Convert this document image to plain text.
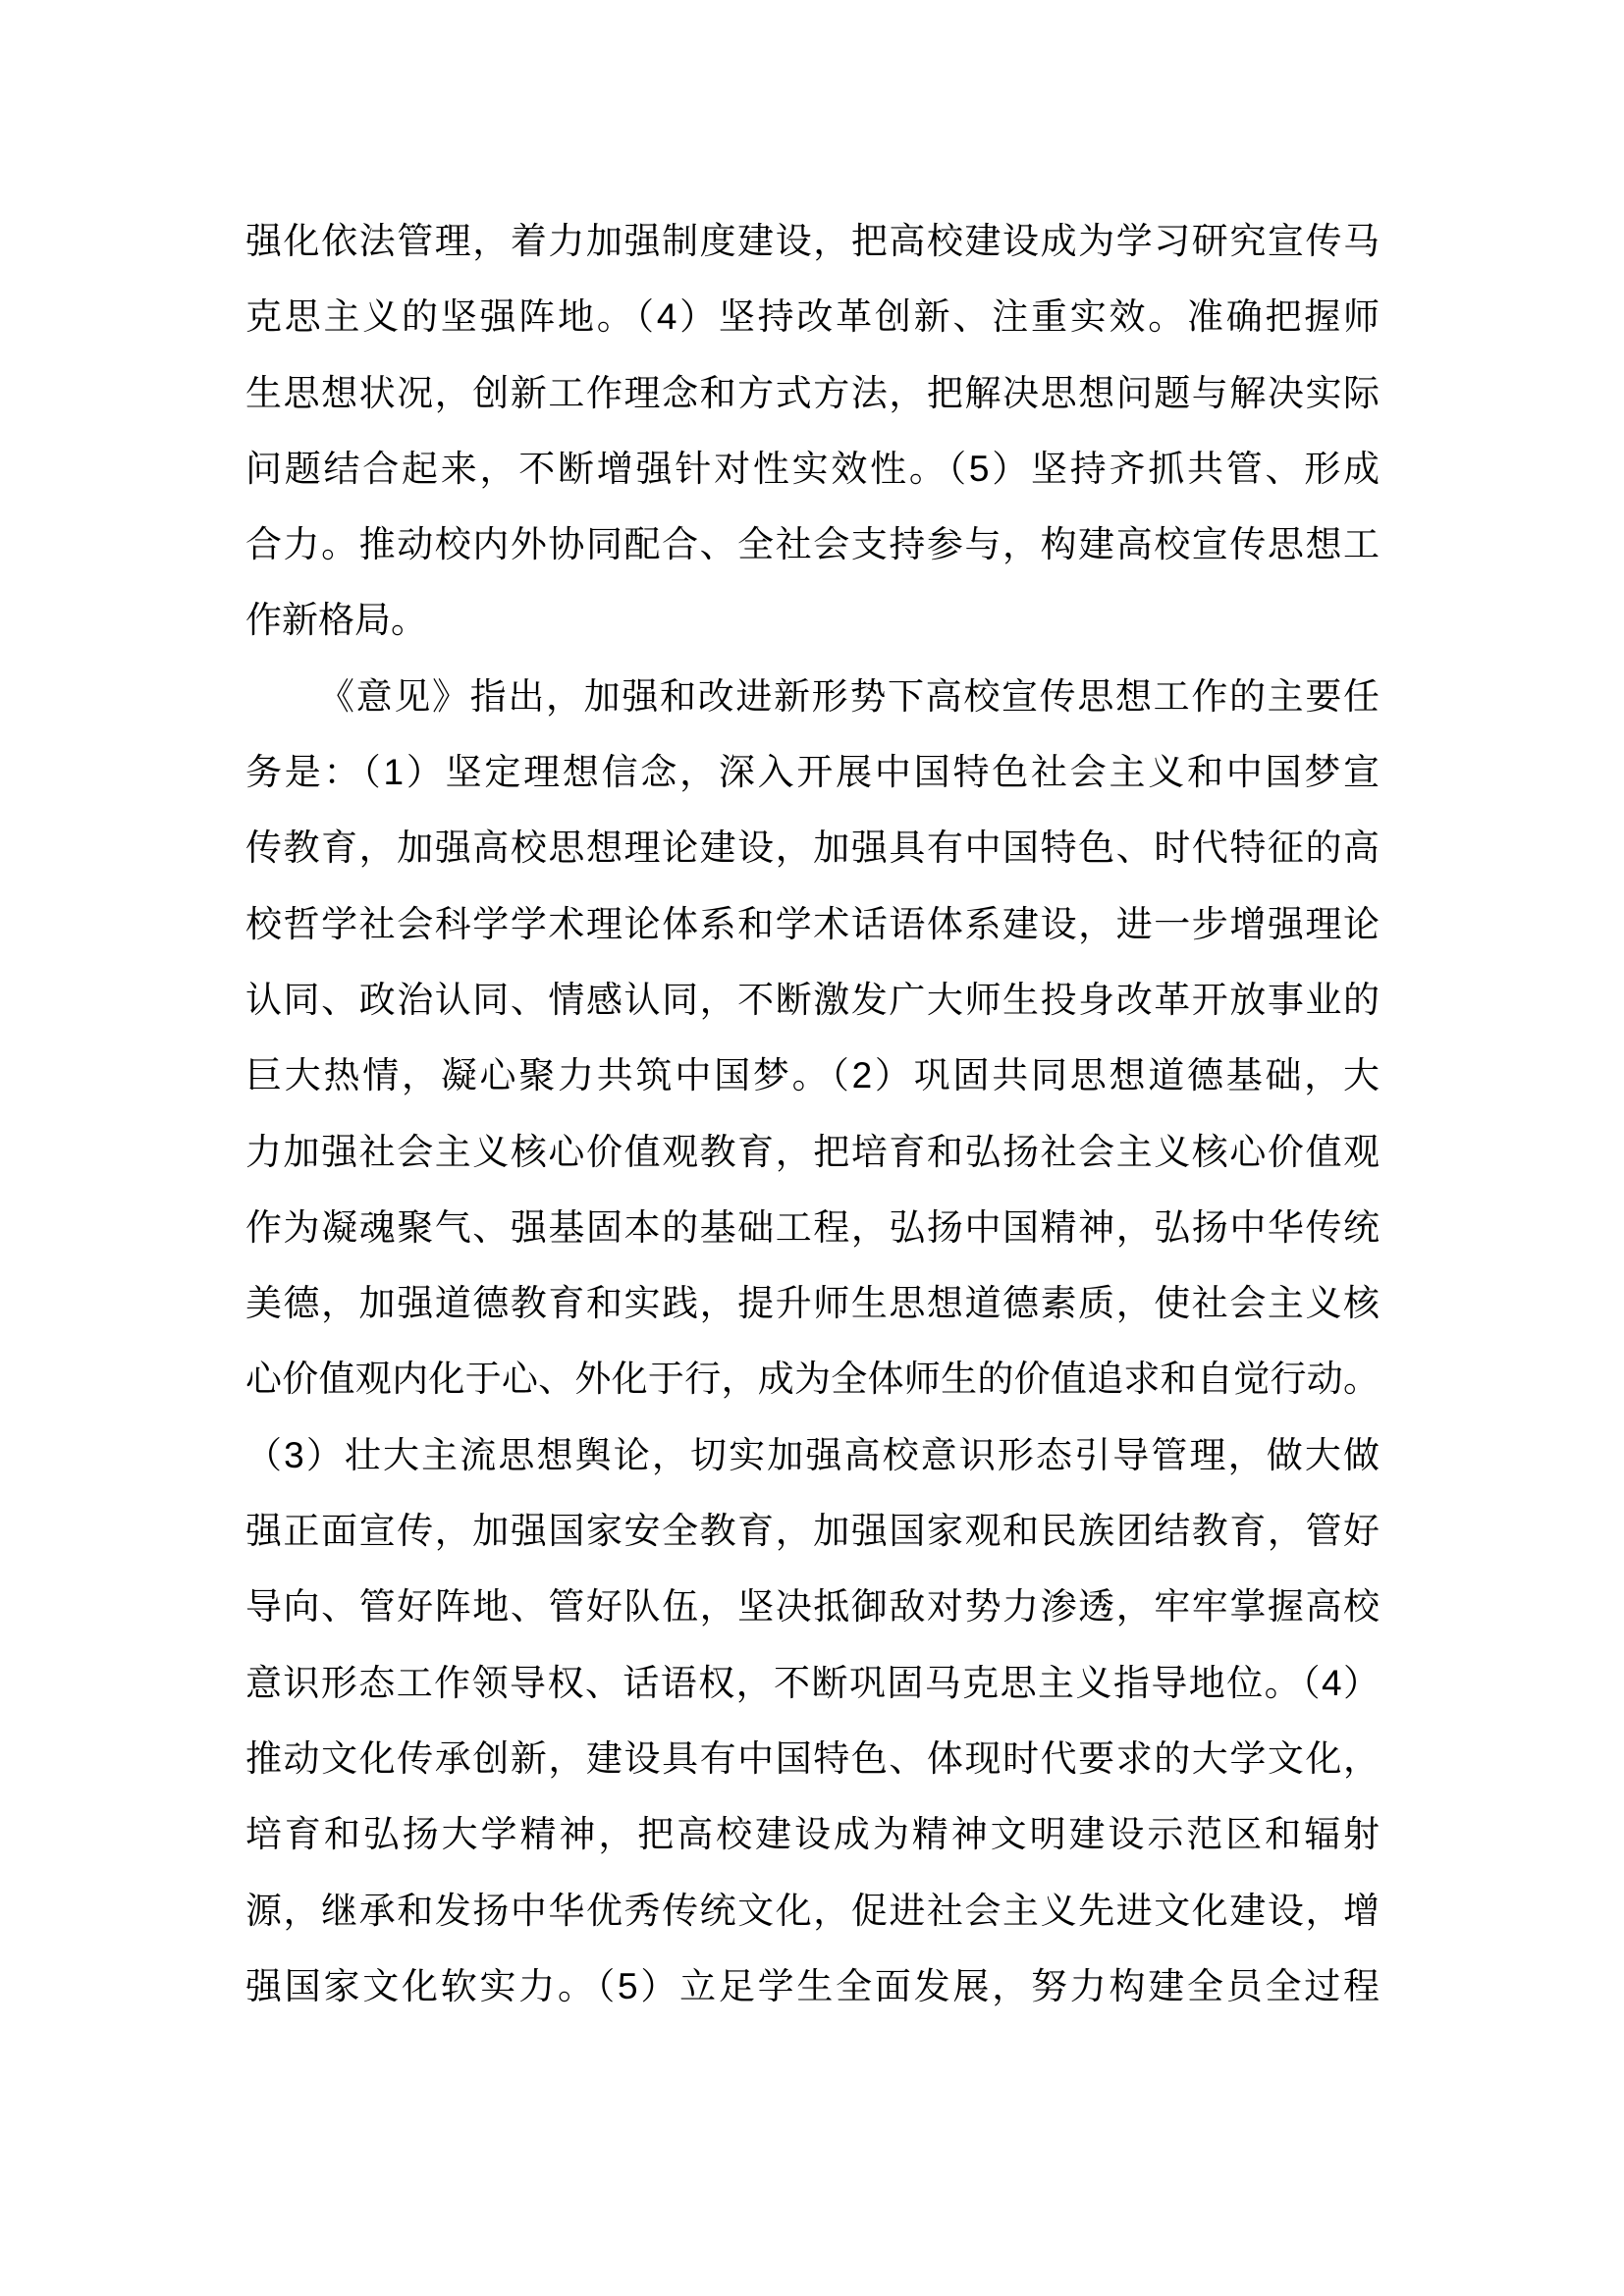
强化依法管理，着力加强制度建设，把高校建设成为学习研究宣传马
克思主义的坚强阵地。（4）坚持改革创新、注重实效。准确把握师
生思想状况，创新工作理念和方式方法，把解决思想问题与解决实际
问题结合起来，不断增强针对性实效性。（5）坚持齐抓共管、形成
合力。推动校内外协同配合、全社会支持参与，构建高校宣传思想工
作新格局。
《意见》指出，加强和改进新形势下高校宣传思想工作的主要任
务是：（1）坚定理想信念，深入开展中国特色社会主义和中国梦宣
传教育，加强高校思想理论建设，加强具有中国特色、时代特征的高
校哲学社会科学学术理论体系和学术话语体系建设，进一步增强理论
认同、政治认同、情感认同，不断激发广大师生投身改革开放事业的
巨大热情，凝心聚力共筑中国梦。（2）巩固共同思想道德基础，大
力加强社会主义核心价值观教育，把培育和弘扬社会主义核心价值观
作为凝魂聚气、强基固本的基础工程，弘扬中国精神，弘扬中华传统
美德，加强道德教育和实践，提升师生思想道德素质，使社会主义核
心价值观内化于心、外化于行，成为全体师生的价值追求和自觉行动。
（3）壮大主流思想舆论，切实加强高校意识形态引导管理，做大做
强正面宣传，加强国家安全教育，加强国家观和民族团结教育，管好
导向、管好阵地、管好队伍，坚决抵御敌对势力渗透，牢牢掌握高校
意识形态工作领导权、话语权，不断巩固马克思主义指导地位。（4）
推动文化传承创新，建设具有中国特色、体现时代要求的大学文化，
培育和弘扬大学精神，把高校建设成为精神文明建设示范区和辐射
源，继承和发扬中华优秀传统文化，促进社会主义先进文化建设，增
强国家文化软实力。（5）立足学生全面发展，努力构建全员全过程
